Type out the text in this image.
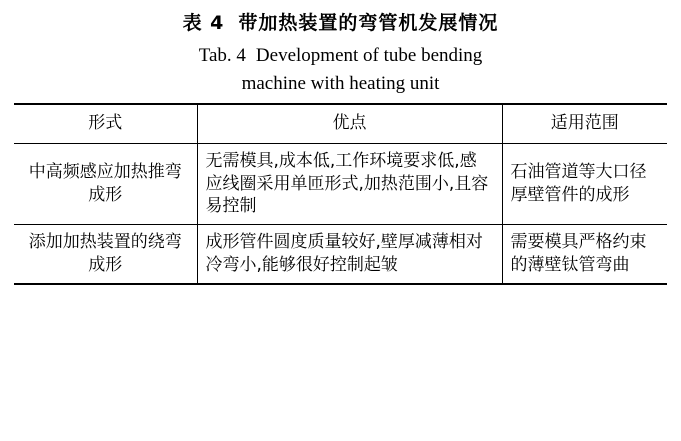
表 4 带加热装置的弯管机发展情况
Tab. 4 Development of tube bending
machine with heating unit
形式	优点	适用范围
中高频感应加热推弯成形	无需模具,成本低,工作环境要求低,感应线圈采用单匝形式,加热范围小,且容易控制	石油管道等大口径厚壁管件的成形
添加加热装置的绕弯成形	成形管件圆度质量较好,壁厚减薄相对冷弯小,能够很好控制起皱	需要模具严格约束的薄壁钛管弯曲
